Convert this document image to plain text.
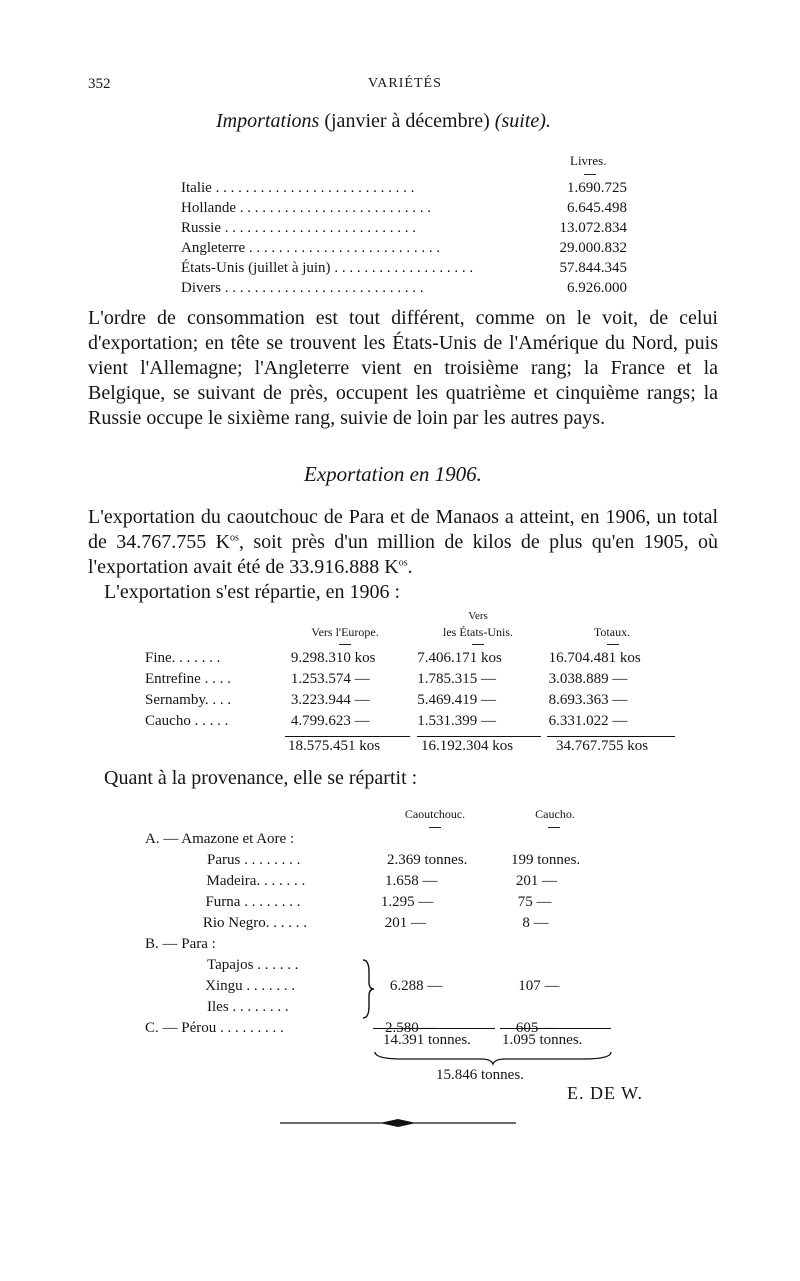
352	VARIÉTÉS
Importations (janvier à décembre) (suite).
Livres.
Italie . . . . . . . . . . . . . . . . . . . . . . . . . . .	1.690.725
Hollande . . . . . . . . . . . . . . . . . . . . . . . . . .	6.645.498
Russie . . . . . . . . . . . . . . . . . . . . . . . . . .	13.072.834
Angleterre . . . . . . . . . . . . . . . . . . . . . . . . . .	29.000.832
États-Unis (juillet à juin) . . . . . . . . . . . . . . . . . . .	57.844.345
Divers . . . . . . . . . . . . . . . . . . . . . . . . . . .	6.926.000
L'ordre de consommation est tout différent, comme on le voit, de celui d'exportation; en tête se trouvent les États-Unis de l'Amérique du Nord, puis vient l'Allemagne; l'Angleterre vient en troisième rang; la France et la Belgique, se suivant de près, occupent les quatrième et cinquième rangs; la Russie occupe le sixième rang, suivie de loin par les autres pays.
Exportation en 1906.
L'exportation du caoutchouc de Para et de Manaos a atteint, en 1906, un total de 34.767.755 $K^{os}$, soit près d'un million de kilos de plus qu'en 1905, où l'exportation avait été de 33.916.888 $K^{os}$.
L'exportation s'est répartie, en 1906 :
Vers l'Europe.
Vers
les États-Unis.	Totaux.
Fine. . . . . . .	9.298.310 kos	7.406.171 kos	16.704.481 kos
Entrefine . . . .	1.253.574 —	1.785.315 —	3.038.889 —
Sernamby. . . .	3.223.944 —	5.469.419 —	8.693.363 —
Caucho . . . . .	4.799.623 —	1.531.399 —	6.331.022 —
18.575.451 kos	16.192.304 kos	34.767.755 kos
Quant à la provenance, elle se répartit :
Caoutchouc.	Caucho.
A. — Amazone et Aore :
Parus . . . . . . . .	2.369 tonnes.	199 tonnes.
Madeira. . . . . . .	1.658 —	201 —
Furna . . . . . . . .	1.295 —	75 —
Rio Negro. . . . . .	201 —	8 —
B. — Para :
Tapajos . . . . . .
Xingu . . . . . . .	6.288 —	107 —
Iles . . . . . . . .
C. — Pérou . . . . . . . . .	2.580 —	605 —
14.391 tonnes. 1.095 tonnes.
15.846 tonnes.
E. DE W.
